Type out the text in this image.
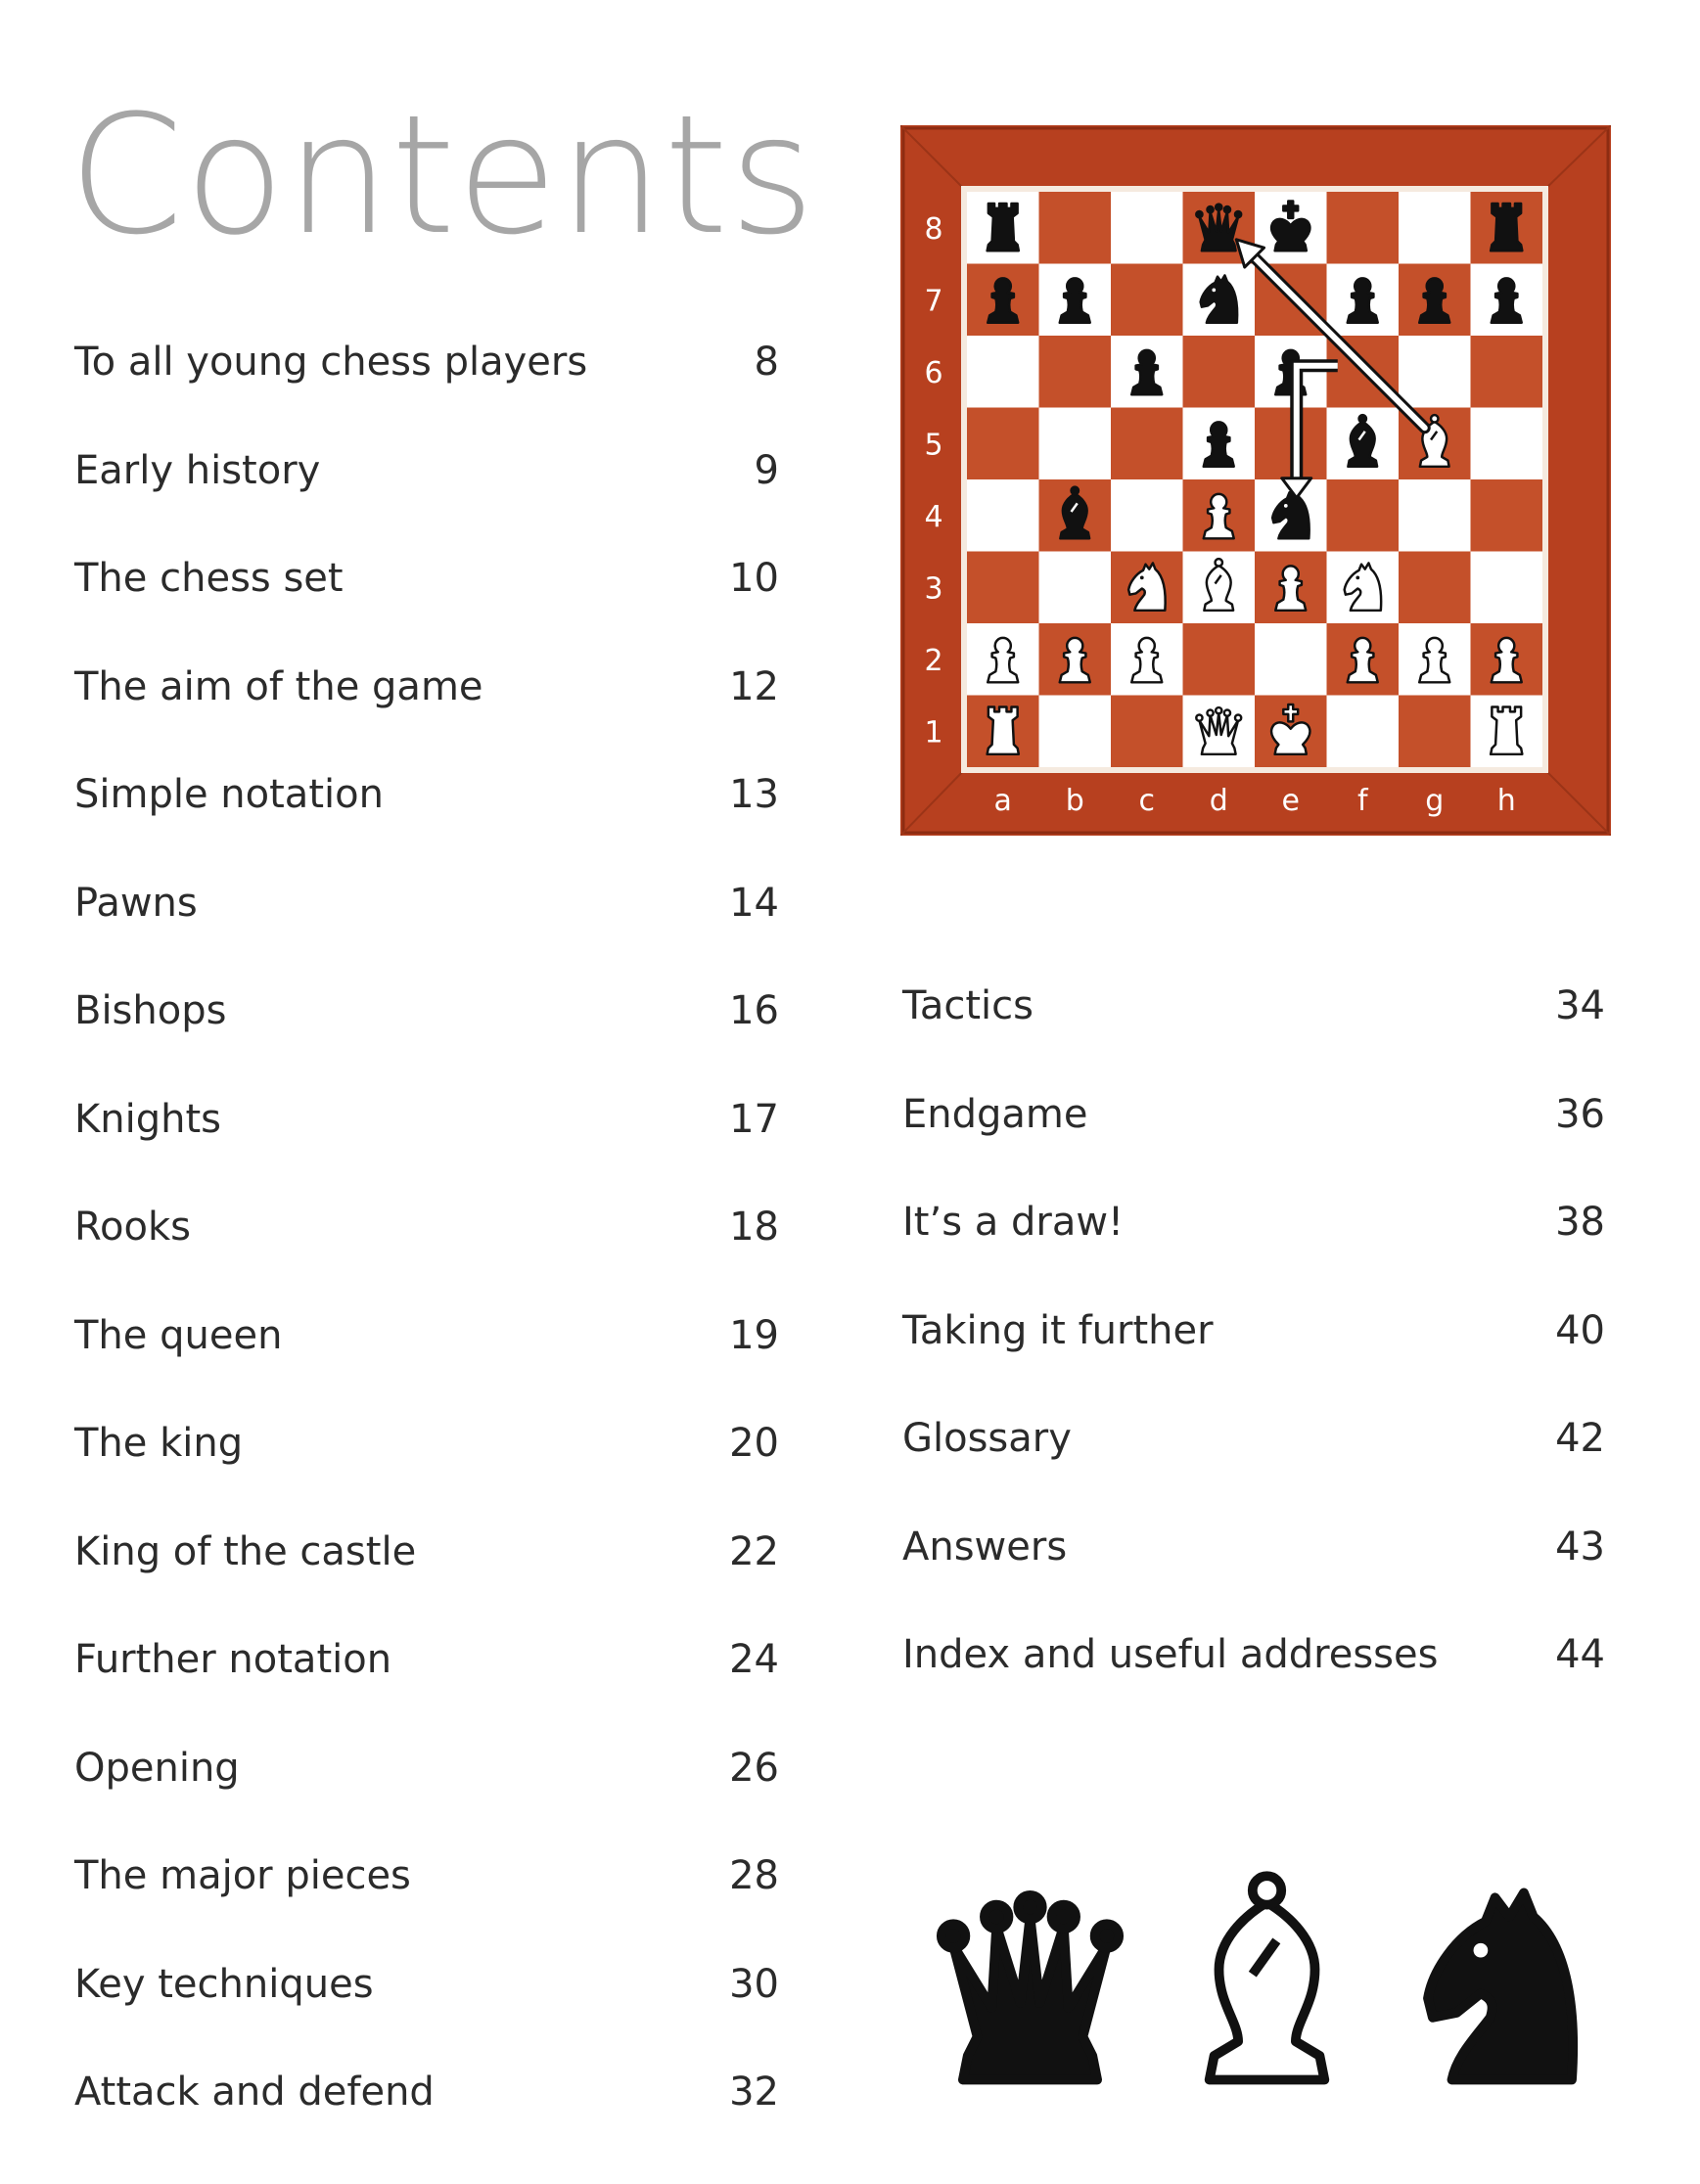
Contents
To all young chess players	8
Early history	9
The chess set	10
The aim of the game	12
Simple notation	13
Pawns	14
Bishops	16
Knights	17
Rooks	18
The queen	19
The king	20
King of the castle	22
Further notation	24
Opening	26
The major pieces	28
Key techniques	30
Attack and defend	32
Tactics	34
Endgame	36
It’s a draw!	38
Taking it further	40
Glossary	42
Answers	43
Index and useful addresses	44
1
2
3
4
5
6
7
8
a b c d e f g h
